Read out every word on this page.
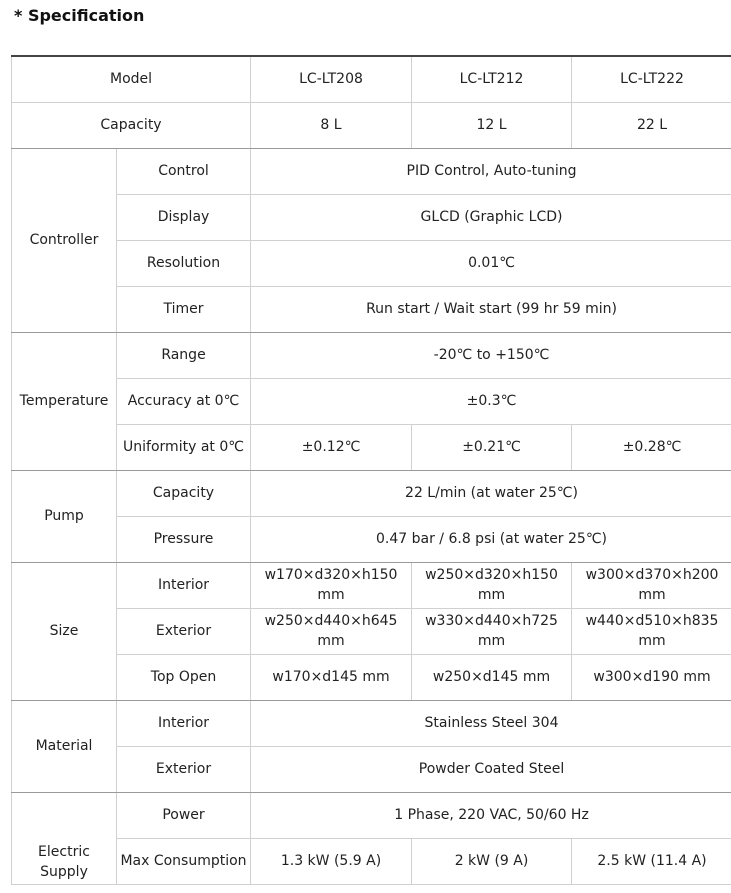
* Specification
Model		LC-LT208	LC-LT212	LC-LT222
Capacity		8 L	12 L	22 L
Controller	Control	PID Control, Auto-tuning		
	Display	GLCD (Graphic LCD)		
	Resolution	0.01℃		
	Timer	Run start / Wait start (99 hr 59 min)		
Temperature	Range	-20℃ to +150℃		
	Accuracy at 0℃	±0.3℃		
	Uniformity at 0℃	±0.12℃	±0.21℃	±0.28℃
Pump	Capacity	22 L/min (at water 25℃)		
	Pressure	0.47 bar / 6.8 psi (at water 25℃)		
Size	Interior	w170×d320×h150 mm	w250×d320×h150 mm	w300×d370×h200 mm
	Exterior	w250×d440×h645 mm	w330×d440×h725 mm	w440×d510×h835 mm
	Top Open	w170×d145 mm	w250×d145 mm	w300×d190 mm
Material	Interior	Stainless Steel 304		
	Exterior	Powder Coated Steel		
Electric Supply	Power	1 Phase, 220 VAC, 50/60 Hz		
	Max Consumption	1.3 kW (5.9 A)	2 kW (9 A)	2.5 kW (11.4 A)
